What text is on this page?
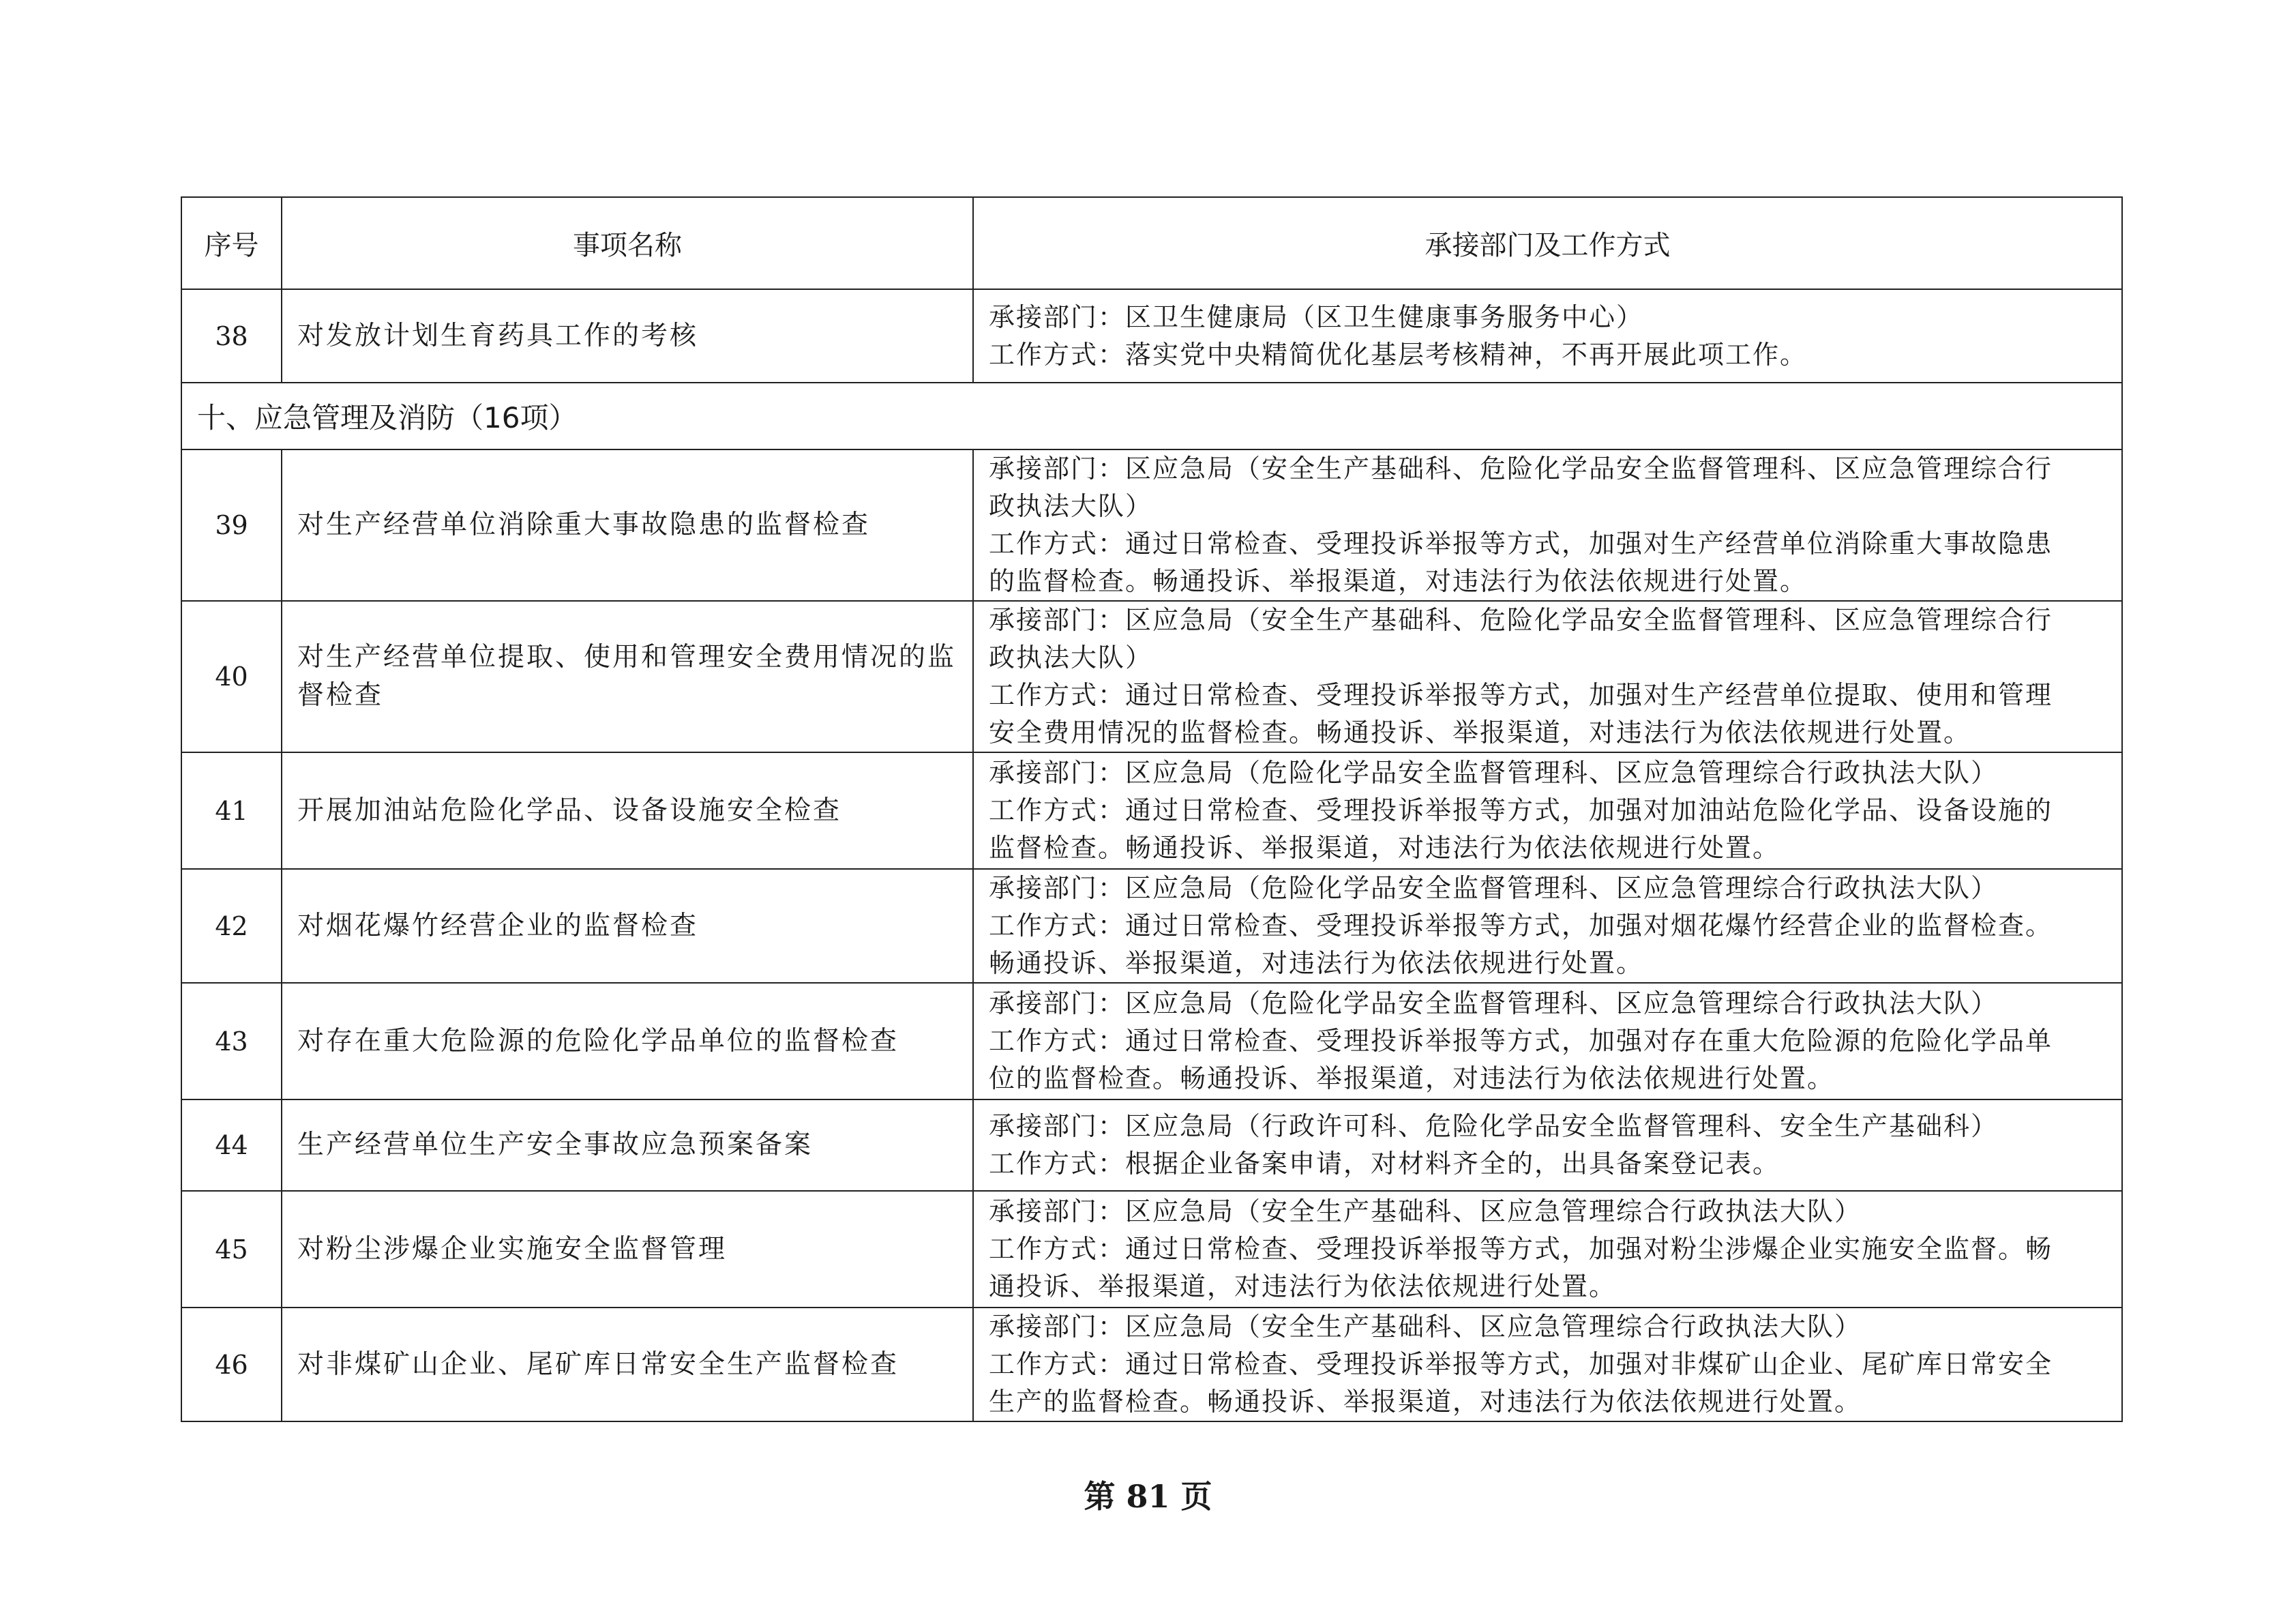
序号	事项名称	承接部门及工作方式
38	对发放计划生育药具工作的考核	承接部门：区卫生健康局（区卫生健康事务服务中心）
工作方式：落实党中央精简优化基层考核精神，不再开展此项工作。

十、应急管理及消防（16项）		
39	对生产经营单位消除重大事故隐患的监督检查	承接部门：区应急局（安全生产基础科、危险化学品安全监督管理科、区应急管理综合行
政执法大队）
工作方式：通过日常检查、受理投诉举报等方式，加强对生产经营单位消除重大事故隐患
的监督检查。畅通投诉、举报渠道，对违法行为依法依规进行处置。

40	对生产经营单位提取、使用和管理安全费用情况的监督检查	承接部门：区应急局（安全生产基础科、危险化学品安全监督管理科、区应急管理综合行
政执法大队）
工作方式：通过日常检查、受理投诉举报等方式，加强对生产经营单位提取、使用和管理
安全费用情况的监督检查。畅通投诉、举报渠道，对违法行为依法依规进行处置。

41	开展加油站危险化学品、设备设施安全检查	承接部门：区应急局（危险化学品安全监督管理科、区应急管理综合行政执法大队）
工作方式：通过日常检查、受理投诉举报等方式，加强对加油站危险化学品、设备设施的
监督检查。畅通投诉、举报渠道，对违法行为依法依规进行处置。

42	对烟花爆竹经营企业的监督检查	承接部门：区应急局（危险化学品安全监督管理科、区应急管理综合行政执法大队）
工作方式：通过日常检查、受理投诉举报等方式，加强对烟花爆竹经营企业的监督检查。
畅通投诉、举报渠道，对违法行为依法依规进行处置。

43	对存在重大危险源的危险化学品单位的监督检查	承接部门：区应急局（危险化学品安全监督管理科、区应急管理综合行政执法大队）
工作方式：通过日常检查、受理投诉举报等方式，加强对存在重大危险源的危险化学品单
位的监督检查。畅通投诉、举报渠道，对违法行为依法依规进行处置。

44	生产经营单位生产安全事故应急预案备案	承接部门：区应急局（行政许可科、危险化学品安全监督管理科、安全生产基础科）
工作方式：根据企业备案申请，对材料齐全的，出具备案登记表。

45	对粉尘涉爆企业实施安全监督管理	承接部门：区应急局（安全生产基础科、区应急管理综合行政执法大队）
工作方式：通过日常检查、受理投诉举报等方式，加强对粉尘涉爆企业实施安全监督。畅
通投诉、举报渠道，对违法行为依法依规进行处置。

46	对非煤矿山企业、尾矿库日常安全生产监督检查	承接部门：区应急局（安全生产基础科、区应急管理综合行政执法大队）
工作方式：通过日常检查、受理投诉举报等方式，加强对非煤矿山企业、尾矿库日常安全
生产的监督检查。畅通投诉、举报渠道，对违法行为依法依规进行处置。
第 81 页
